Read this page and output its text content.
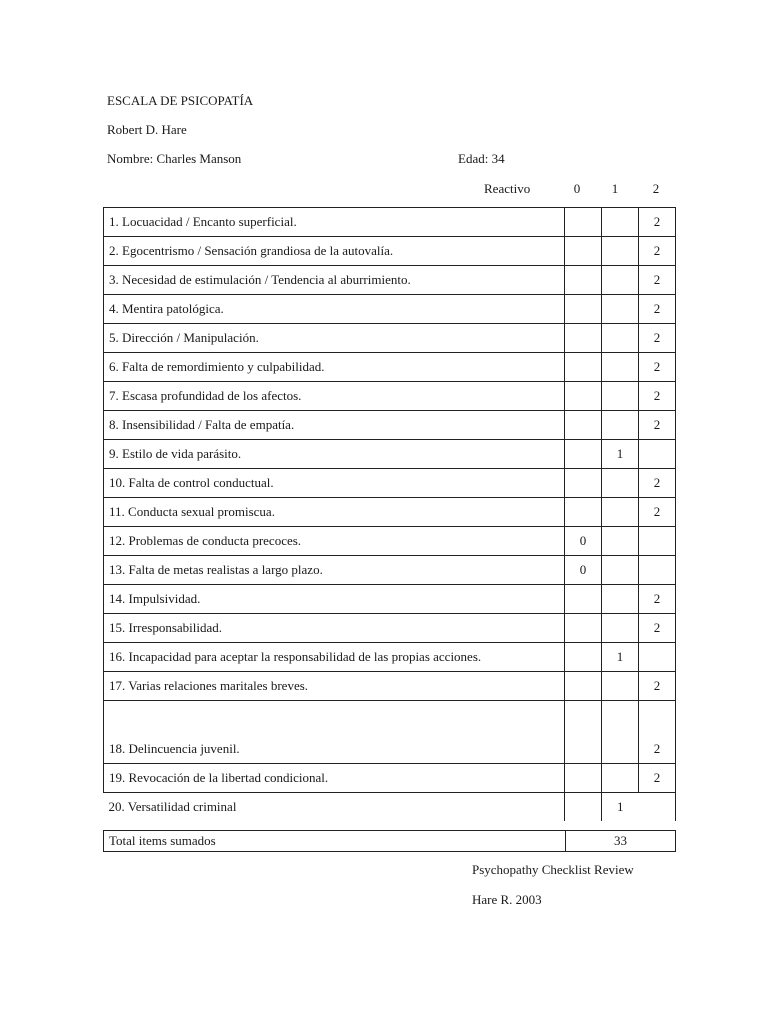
ESCALA DE PSICOPATÍA
Robert D. Hare
Nombre: Charles Manson	Edad: 34
Reactivo	0	1	2
1. Locuacidad / Encanto superficial.			2
2. Egocentrismo / Sensación grandiosa de la autovalía.			2
3. Necesidad de estimulación / Tendencia al aburrimiento.			2
4. Mentira patológica.			2
5. Dirección / Manipulación.			2
6. Falta de remordimiento y culpabilidad.			2
7. Escasa profundidad de los afectos.			2
8. Insensibilidad / Falta de empatía.			2
9. Estilo de vida parásito.		1	
10. Falta de control conductual.			2
11. Conducta sexual promiscua.			2
12. Problemas de conducta precoces.	0		
13. Falta de metas realistas a largo plazo.	0		
14. Impulsividad.			2
15. Irresponsabilidad.			2
16. Incapacidad para aceptar la responsabilidad de las propias acciones.		1	
17. Varias relaciones maritales breves.			2
18. Delincuencia juvenil.			2
19. Revocación de la libertad condicional.			2
20. Versatilidad criminal		1	
Total items sumados	33
Psychopathy Checklist Review
Hare R. 2003
